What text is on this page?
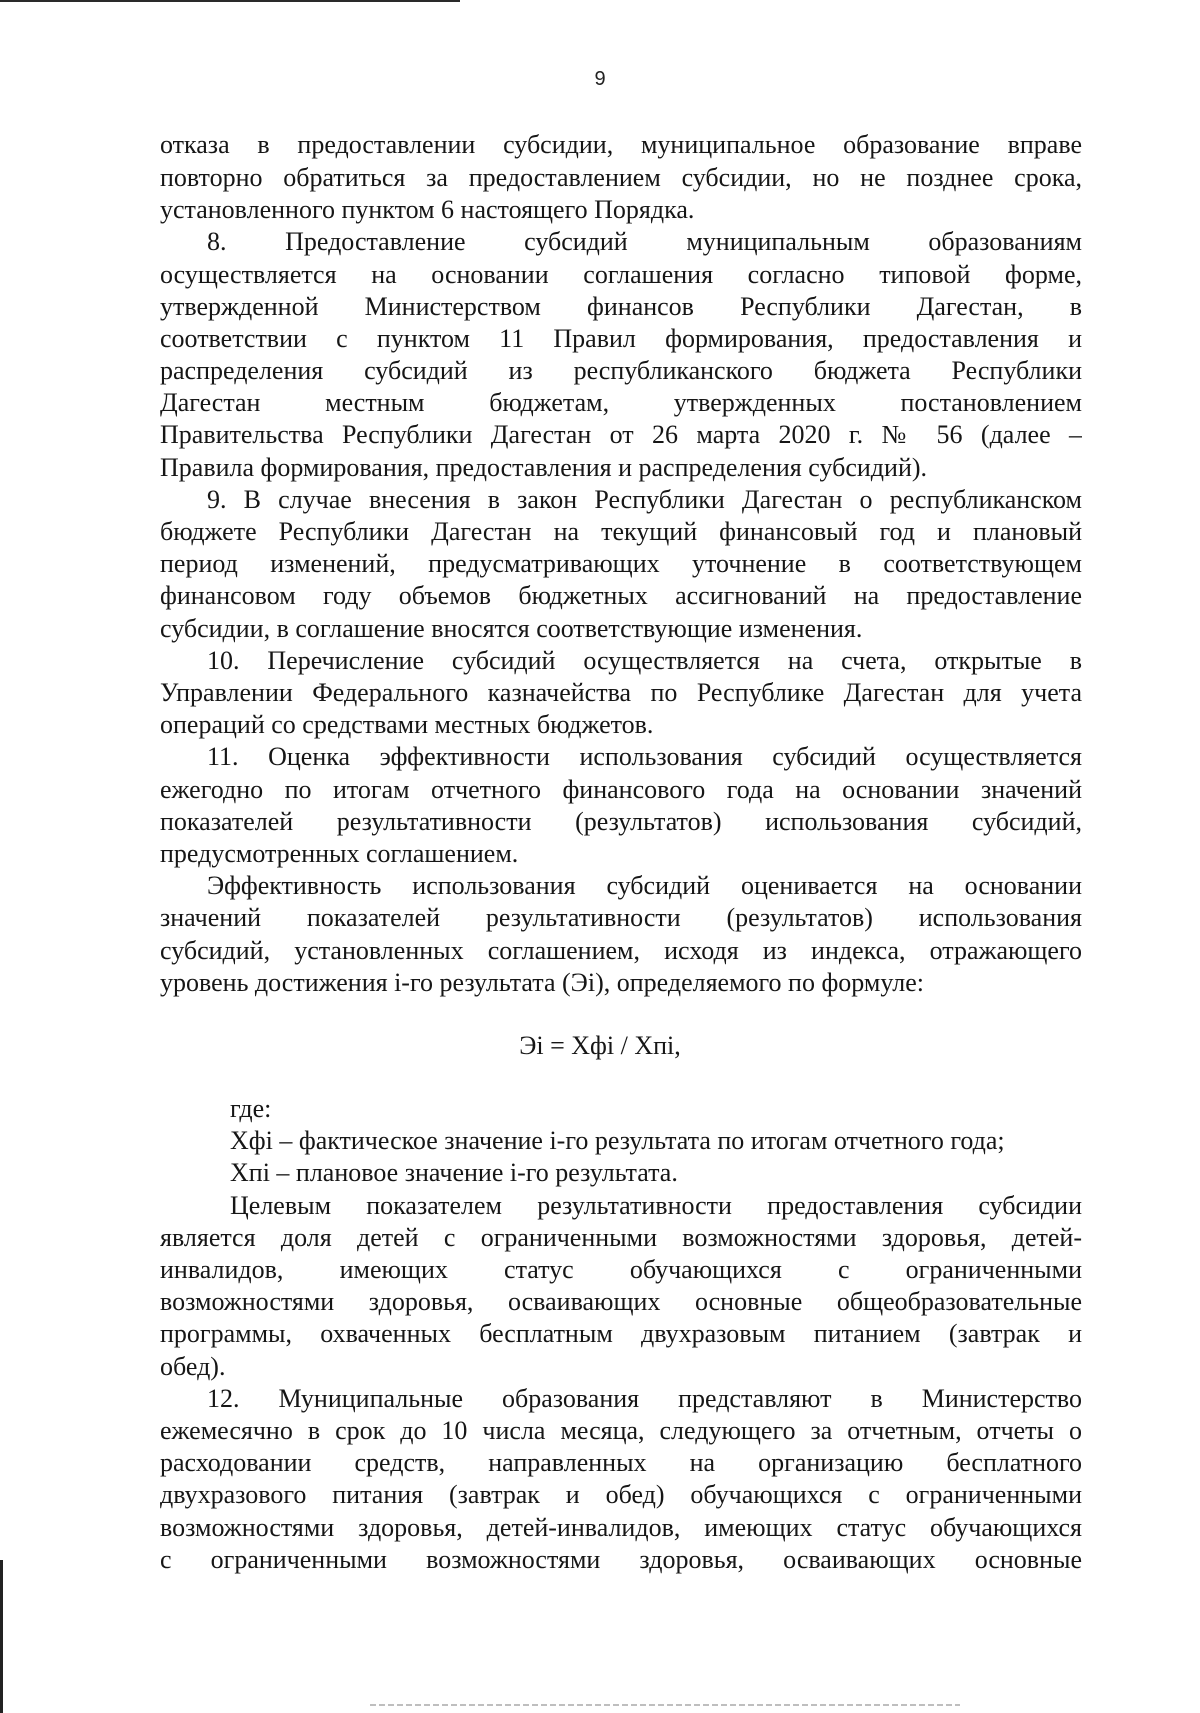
9
отказа в предоставлении субсидии, муниципальное образование вправе
повторно обратиться за предоставлением субсидии, но не позднее срока,
установленного пунктом 6 настоящего Порядка.
8. Предоставление субсидий муниципальным образованиям
осуществляется на основании соглашения согласно типовой форме,
утвержденной Министерством финансов Республики Дагестан, в
соответствии с пунктом 11 Правил формирования, предоставления и
распределения субсидий из республиканского бюджета Республики
Дагестан местным бюджетам, утвержденных постановлением
Правительства Республики Дагестан от 26 марта 2020 г. № 56 (далее –
Правила формирования, предоставления и распределения субсидий).
9. В случае внесения в закон Республики Дагестан о республиканском
бюджете Республики Дагестан на текущий финансовый год и плановый
период изменений, предусматривающих уточнение в соответствующем
финансовом году объемов бюджетных ассигнований на предоставление
субсидии, в соглашение вносятся соответствующие изменения.
10. Перечисление субсидий осуществляется на счета, открытые в
Управлении Федерального казначейства по Республике Дагестан для учета
операций со средствами местных бюджетов.
11. Оценка эффективности использования субсидий осуществляется
ежегодно по итогам отчетного финансового года на основании значений
показателей результативности (результатов) использования субсидий,
предусмотренных соглашением.
Эффективность использования субсидий оценивается на основании
значений показателей результативности (результатов) использования
субсидий, установленных соглашением, исходя из индекса, отражающего
уровень достижения i-го результата (Эi), определяемого по формуле:
Эi = Хфi / Хпi,
где:
Хфi – фактическое значение i-го результата по итогам отчетного года;
Хпi – плановое значение i-го результата.
Целевым показателем результативности предоставления субсидии
является доля детей с ограниченными возможностями здоровья, детей-
инвалидов, имеющих статус обучающихся с ограниченными
возможностями здоровья, осваивающих основные общеобразовательные
программы, охваченных бесплатным двухразовым питанием (завтрак и
обед).
12. Муниципальные образования представляют в Министерство
ежемесячно в срок до 10 числа месяца, следующего за отчетным, отчеты о
расходовании средств, направленных на организацию бесплатного
двухразового питания (завтрак и обед) обучающихся с ограниченными
возможностями здоровья, детей-инвалидов, имеющих статус обучающихся
с ограниченными возможностями здоровья, осваивающих основные
